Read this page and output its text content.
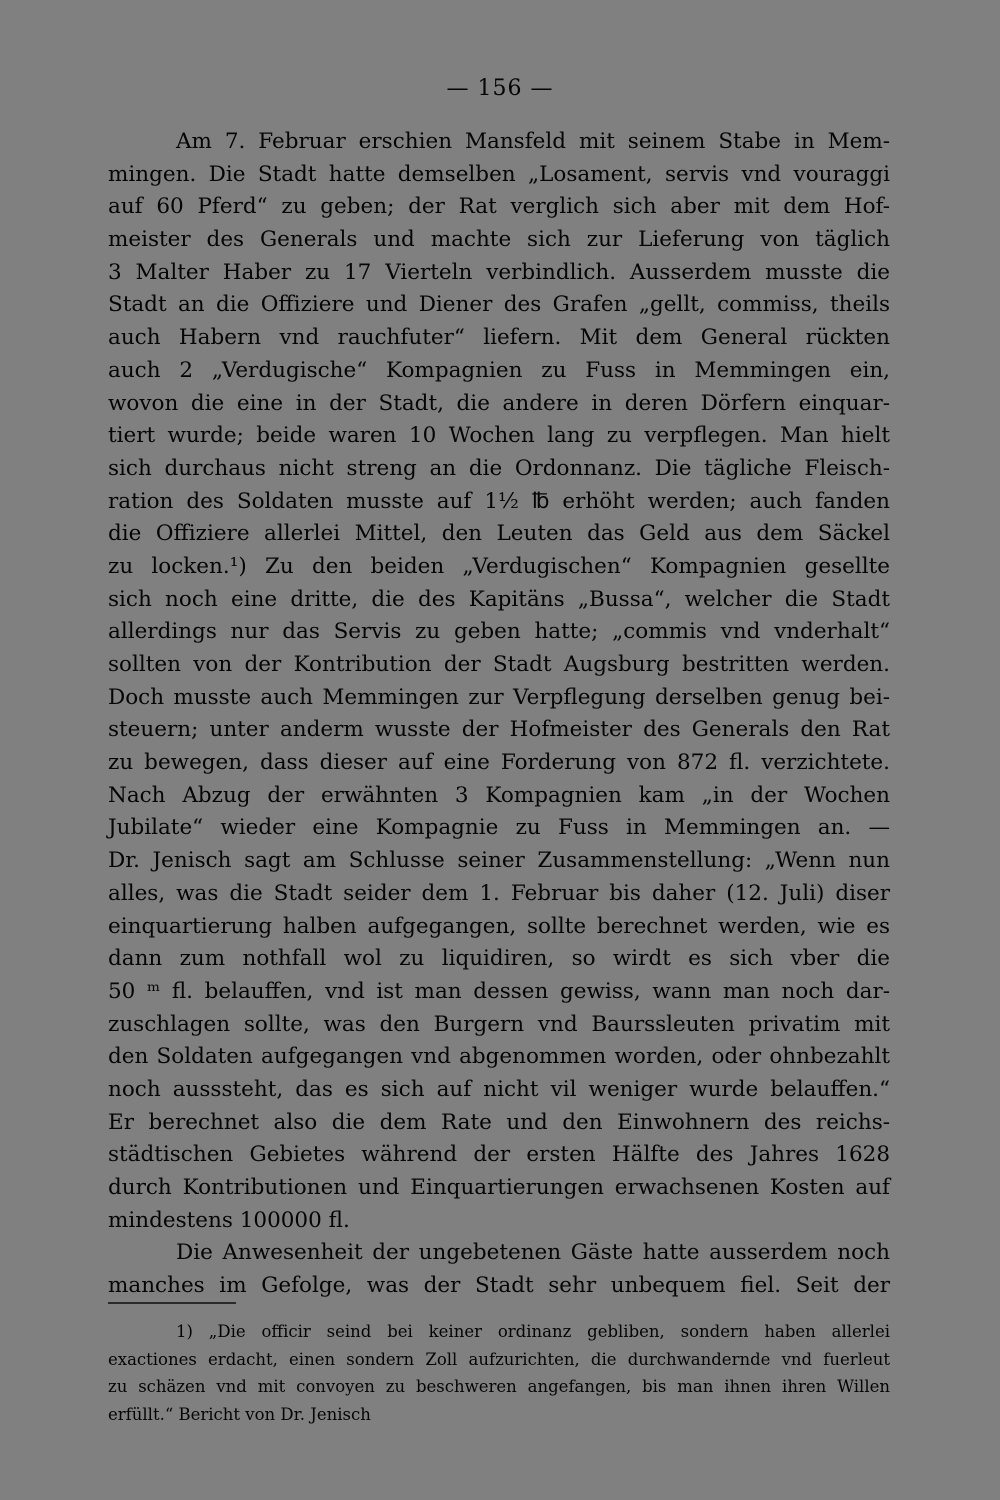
— 156 —
Am 7. Februar erschien Mansfeld mit seinem Stabe in Mem-
mingen. Die Stadt hatte demselben „Losament, servis vnd vouraggi
auf 60 Pferd“ zu geben; der Rat verglich sich aber mit dem Hof-
meister des Generals und machte sich zur Lieferung von täglich
3 Malter Haber zu 17 Vierteln verbindlich. Ausserdem musste die
Stadt an die Offiziere und Diener des Grafen „gellt, commiss, theils
auch Habern vnd rauchfuter“ liefern. Mit dem General rückten
auch 2 „Verdugische“ Kompagnien zu Fuss in Memmingen ein,
wovon die eine in der Stadt, die andere in deren Dörfern einquar-
tiert wurde; beide waren 10 Wochen lang zu verpflegen. Man hielt
sich durchaus nicht streng an die Ordonnanz. Die tägliche Fleisch-
ration des Soldaten musste auf 1½ ℔ erhöht werden; auch fanden
die Offiziere allerlei Mittel, den Leuten das Geld aus dem Säckel
zu locken.¹) Zu den beiden „Verdugischen“ Kompagnien gesellte
sich noch eine dritte, die des Kapitäns „Bussa“, welcher die Stadt
allerdings nur das Servis zu geben hatte; „commis vnd vnderhalt“
sollten von der Kontribution der Stadt Augsburg bestritten werden.
Doch musste auch Memmingen zur Verpflegung derselben genug bei-
steuern; unter anderm wusste der Hofmeister des Generals den Rat
zu bewegen, dass dieser auf eine Forderung von 872 fl. verzichtete.
Nach Abzug der erwähnten 3 Kompagnien kam „in der Wochen
Jubilate“ wieder eine Kompagnie zu Fuss in Memmingen an. —
Dr. Jenisch sagt am Schlusse seiner Zusammenstellung: „Wenn nun
alles, was die Stadt seider dem 1. Februar bis daher (12. Juli) diser
einquartierung halben aufgegangen, sollte berechnet werden, wie es
dann zum nothfall wol zu liquidiren, so wirdt es sich vber die
50 ᵐ fl. belauffen, vnd ist man dessen gewiss, wann man noch dar-
zuschlagen sollte, was den Burgern vnd Baurssleuten privatim mit
den Soldaten aufgegangen vnd abgenommen worden, oder ohnbezahlt
noch ausssteht, das es sich auf nicht vil weniger wurde belauffen.“
Er berechnet also die dem Rate und den Einwohnern des reichs-
städtischen Gebietes während der ersten Hälfte des Jahres 1628
durch Kontributionen und Einquartierungen erwachsenen Kosten auf
mindestens 100000 fl.
Die Anwesenheit der ungebetenen Gäste hatte ausserdem noch
manches im Gefolge, was der Stadt sehr unbequem fiel. Seit der
1) „Die officir seind bei keiner ordinanz gebliben, sondern haben allerlei
exactiones erdacht, einen sondern Zoll aufzurichten, die durchwandernde vnd fuerleut
zu schäzen vnd mit convoyen zu beschweren angefangen, bis man ihnen ihren Willen
erfüllt.“ Bericht von Dr. Jenisch
